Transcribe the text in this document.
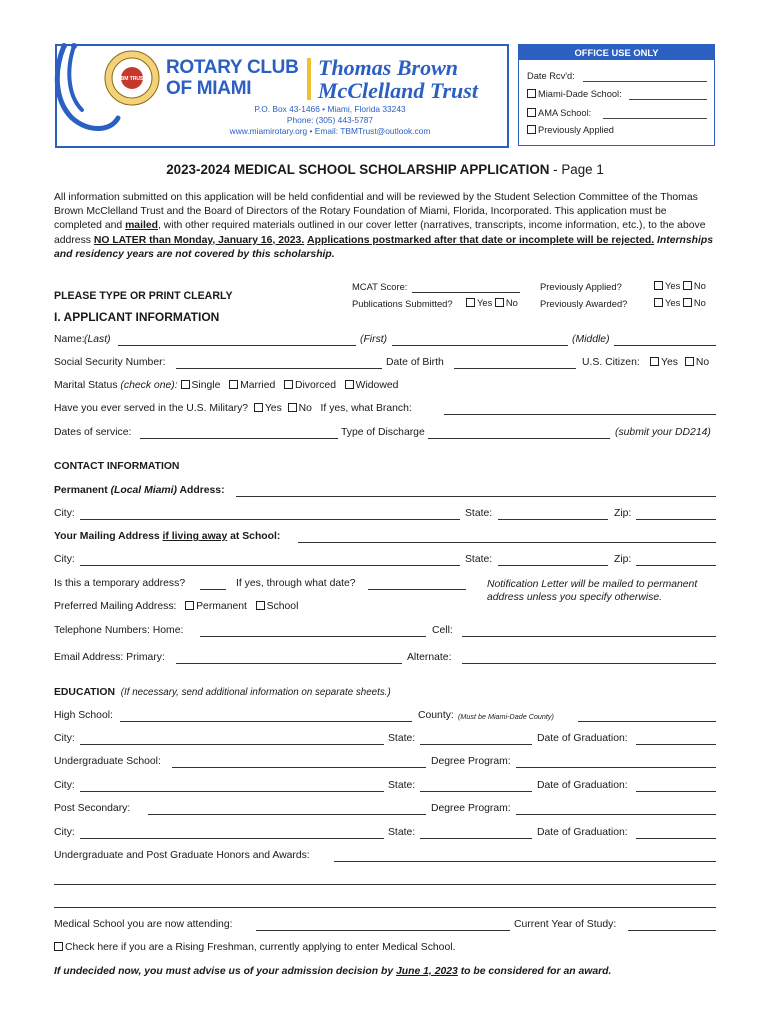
TBM TRUST
ROTARY CLUB
OF MIAMI
Thomas Brown
McClelland Trust
P.O. Box 43-1466 • Miami, Florida 33243
Phone: (305) 443-5787
www.miamirotary.org • Email: TBMTrust@outlook.com
OFFICE USE ONLY
Date Rcv'd:
Miami-Dade School:
AMA School:
Previously Applied
2023-2024 MEDICAL SCHOOL SCHOLARSHIP APPLICATION - Page 1
All information submitted on this application will be held confidential and will be reviewed by the Student Selection Committee of the Thomas Brown McClelland Trust and the Board of Directors of the Rotary Foundation of Miami, Florida, Incorporated. This application must be completed and mailed, with other required materials outlined in our cover letter (narratives, transcripts, income information, etc.), to the above address NO LATER than Monday, January 16, 2023. Applications postmarked after that date or incomplete will be rejected. Internships and residency years are not covered by this scholarship.
MCAT Score:
Publications Submitted?	Yes No
Previously Applied?	Yes No
Previously Awarded?	Yes No
PLEASE TYPE OR PRINT CLEARLY
I. APPLICANT INFORMATION
Name: (Last)	(First)	(Middle)
Social Security Number:	Date of Birth	U.S. Citizen:	Yes No
Marital Status (check one): Single Married Divorced Widowed
Have you ever served in the U.S. Military? Yes No If yes, what Branch:
Dates of service:	Type of Discharge	(submit your DD214)
CONTACT INFORMATION
Permanent (Local Miami) Address:
City:	State:	Zip:
Your Mailing Address if living away at School:
City:	State:	Zip:
Is this a temporary address?	If yes, through what date?	Notification Letter will be mailed to permanent address unless you specify otherwise.
Preferred Mailing Address: Permanent School
Telephone Numbers: Home:	Cell:
Email Address: Primary:	Alternate:
EDUCATION (If necessary, send additional information on separate sheets.)
High School:	County: (Must be Miami-Dade County)
City:	State:	Date of Graduation:
Undergraduate School:	Degree Program:
City:	State:	Date of Graduation:
Post Secondary:	Degree Program:
City:	State:	Date of Graduation:
Undergraduate and Post Graduate Honors and Awards:
Medical School you are now attending:	Current Year of Study:
Check here if you are a Rising Freshman, currently applying to enter Medical School.
If undecided now, you must advise us of your admission decision by June 1, 2023 to be considered for an award.
